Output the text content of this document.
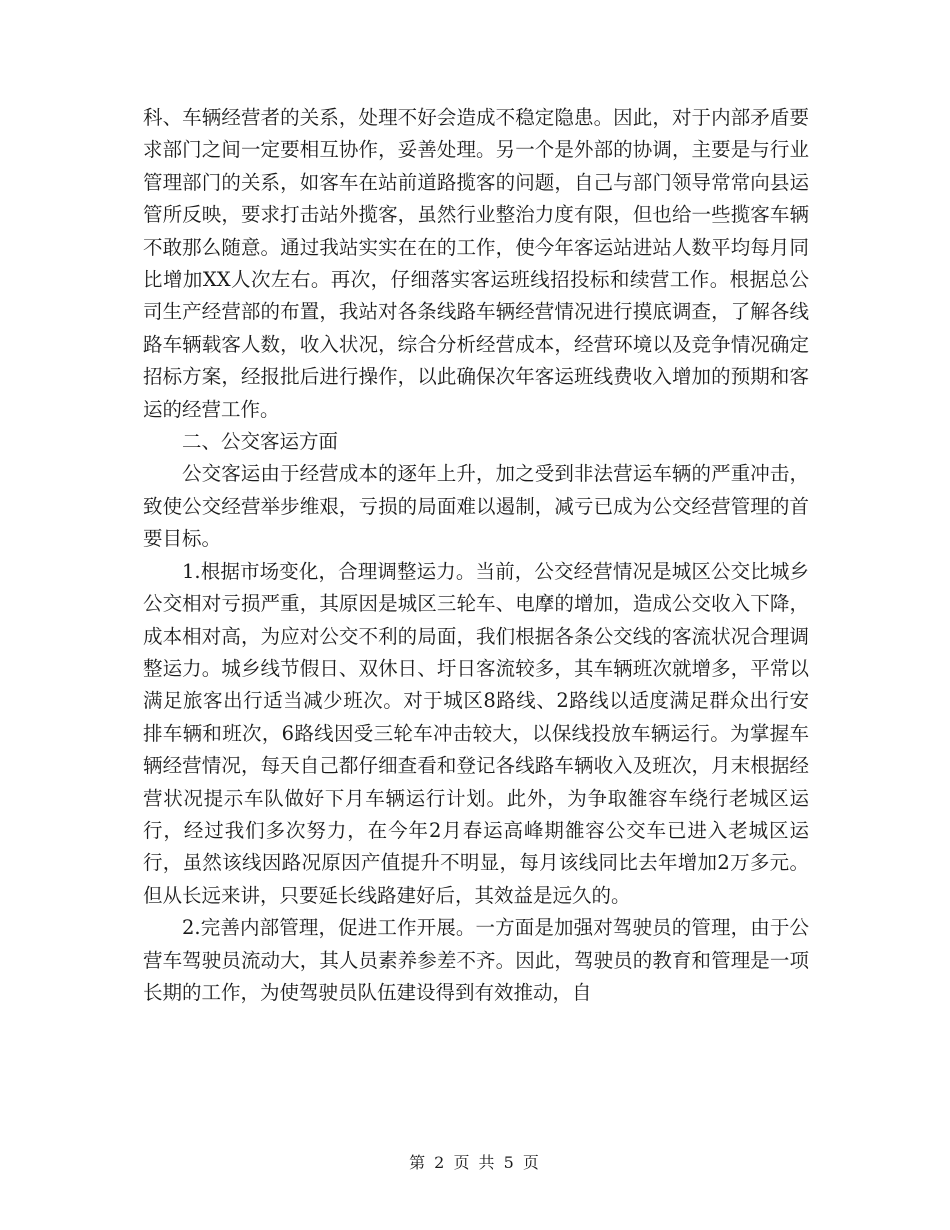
科、车辆经营者的关系，处理不好会造成不稳定隐患。因此，对于内部矛盾要求部门之间一定要相互协作，妥善处理。另一个是外部的协调，主要是与行业管理部门的关系，如客车在站前道路揽客的问题，自己与部门领导常常向县运管所反映，要求打击站外揽客，虽然行业整治力度有限，但也给一些揽客车辆不敢那么随意。通过我站实实在在的工作，使今年客运站进站人数平均每月同比增加XX人次左右。再次，仔细落实客运班线招投标和续营工作。根据总公司生产经营部的布置，我站对各条线路车辆经营情况进行摸底调查，了解各线路车辆载客人数，收入状况，综合分析经营成本，经营环境以及竞争情况确定招标方案，经报批后进行操作，以此确保次年客运班线费收入增加的预期和客运的经营工作。

二、公交客运方面

公交客运由于经营成本的逐年上升，加之受到非法营运车辆的严重冲击，致使公交经营举步维艰，亏损的局面难以遏制，减亏已成为公交经营管理的首要目标。

1.根据市场变化，合理调整运力。当前，公交经营情况是城区公交比城乡公交相对亏损严重，其原因是城区三轮车、电摩的增加，造成公交收入下降，成本相对高，为应对公交不利的局面，我们根据各条公交线的客流状况合理调整运力。城乡线节假日、双休日、圩日客流较多，其车辆班次就增多，平常以满足旅客出行适当减少班次。对于城区8路线、2路线以适度满足群众出行安排车辆和班次，6路线因受三轮车冲击较大，以保线投放车辆运行。为掌握车辆经营情况，每天自己都仔细查看和登记各线路车辆收入及班次，月末根据经营状况提示车队做好下月车辆运行计划。此外，为争取雒容车绕行老城区运行，经过我们多次努力，在今年2月春运高峰期雒容公交车已进入老城区运行，虽然该线因路况原因产值提升不明显，每月该线同比去年增加2万多元。但从长远来讲，只要延长线路建好后，其效益是远久的。

2.完善内部管理，促进工作开展。一方面是加强对驾驶员的管理，由于公营车驾驶员流动大，其人员素养参差不齐。因此，驾驶员的教育和管理是一项长期的工作，为使驾驶员队伍建设得到有效推动，自

第 2 页 共 5 页
